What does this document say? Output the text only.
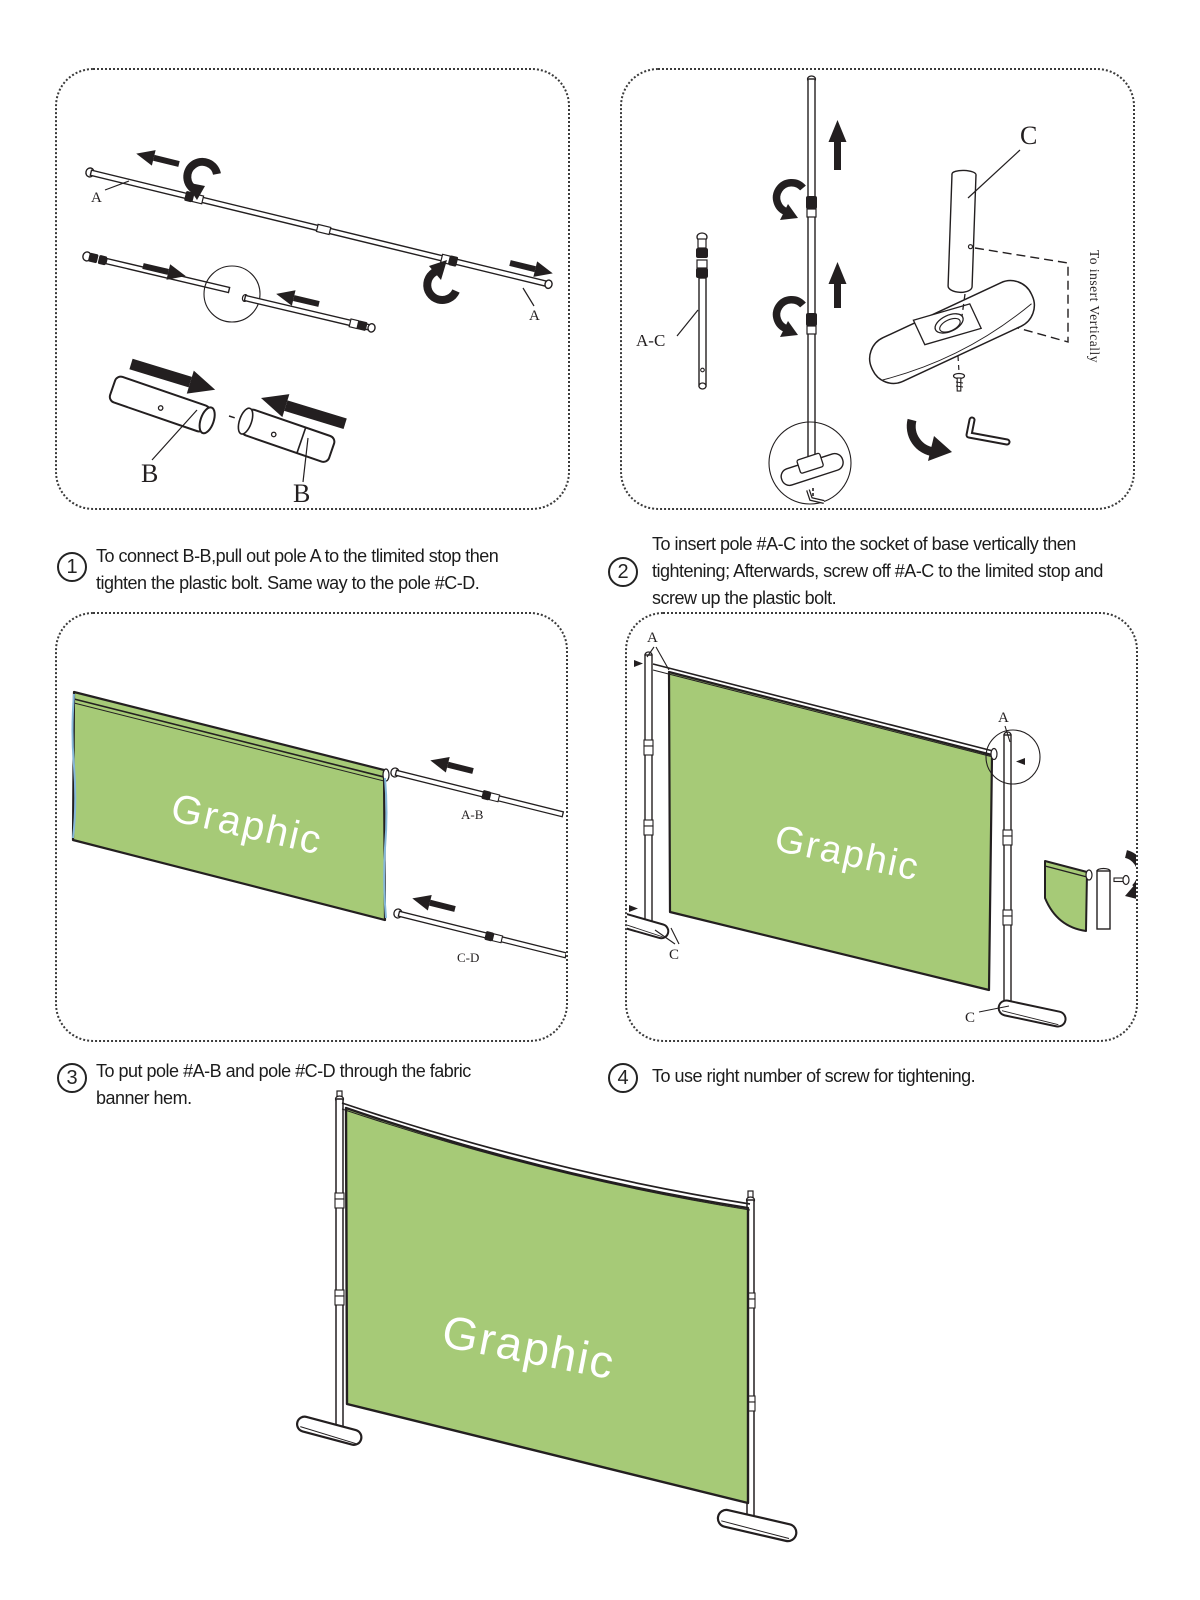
A
A
B
B
A-C
C
To insert Vertically
1 To connect B-B,pull out pole A to the tlimited stop then
tighten the plastic bolt. Same way to the pole #C-D.	2
To insert pole #A-C into the socket of base vertically then
tightening; Afterwards, screw off #A-C to the limited stop and
screw up the plastic bolt.
Graphic	A-B
C-D
A
Graphic
A
C
C
3 To put pole #A-B and pole #C-D through the fabric
banner hem.
4 To use right number of screw for tightening.
Graphic
